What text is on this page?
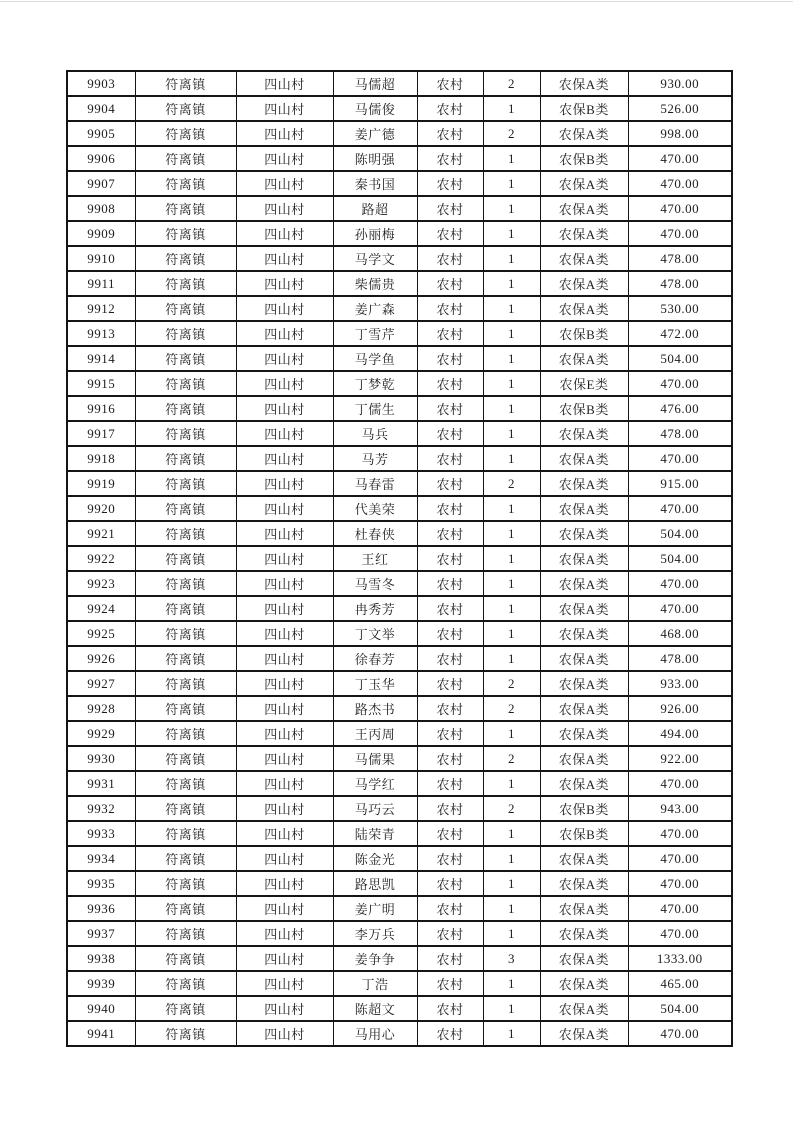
9903	符离镇	四山村	马儒超	农村	2	农保A类	930.00
9904	符离镇	四山村	马儒俊	农村	1	农保B类	526.00
9905	符离镇	四山村	姜广德	农村	2	农保A类	998.00
9906	符离镇	四山村	陈明强	农村	1	农保B类	470.00
9907	符离镇	四山村	秦书国	农村	1	农保A类	470.00
9908	符离镇	四山村	路超	农村	1	农保A类	470.00
9909	符离镇	四山村	孙丽梅	农村	1	农保A类	470.00
9910	符离镇	四山村	马学文	农村	1	农保A类	478.00
9911	符离镇	四山村	柴儒贵	农村	1	农保A类	478.00
9912	符离镇	四山村	姜广森	农村	1	农保A类	530.00
9913	符离镇	四山村	丁雪芹	农村	1	农保B类	472.00
9914	符离镇	四山村	马学鱼	农村	1	农保A类	504.00
9915	符离镇	四山村	丁梦乾	农村	1	农保E类	470.00
9916	符离镇	四山村	丁儒生	农村	1	农保B类	476.00
9917	符离镇	四山村	马兵	农村	1	农保A类	478.00
9918	符离镇	四山村	马芳	农村	1	农保A类	470.00
9919	符离镇	四山村	马春雷	农村	2	农保A类	915.00
9920	符离镇	四山村	代美荣	农村	1	农保A类	470.00
9921	符离镇	四山村	杜春侠	农村	1	农保A类	504.00
9922	符离镇	四山村	王红	农村	1	农保A类	504.00
9923	符离镇	四山村	马雪冬	农村	1	农保A类	470.00
9924	符离镇	四山村	冉秀芳	农村	1	农保A类	470.00
9925	符离镇	四山村	丁文举	农村	1	农保A类	468.00
9926	符离镇	四山村	徐春芳	农村	1	农保A类	478.00
9927	符离镇	四山村	丁玉华	农村	2	农保A类	933.00
9928	符离镇	四山村	路杰书	农村	2	农保A类	926.00
9929	符离镇	四山村	王丙周	农村	1	农保A类	494.00
9930	符离镇	四山村	马儒果	农村	2	农保A类	922.00
9931	符离镇	四山村	马学红	农村	1	农保A类	470.00
9932	符离镇	四山村	马巧云	农村	2	农保B类	943.00
9933	符离镇	四山村	陆荣青	农村	1	农保B类	470.00
9934	符离镇	四山村	陈金光	农村	1	农保A类	470.00
9935	符离镇	四山村	路思凯	农村	1	农保A类	470.00
9936	符离镇	四山村	姜广明	农村	1	农保A类	470.00
9937	符离镇	四山村	李万兵	农村	1	农保A类	470.00
9938	符离镇	四山村	姜争争	农村	3	农保A类	1333.00
9939	符离镇	四山村	丁浩	农村	1	农保A类	465.00
9940	符离镇	四山村	陈超文	农村	1	农保A类	504.00
9941	符离镇	四山村	马用心	农村	1	农保A类	470.00
